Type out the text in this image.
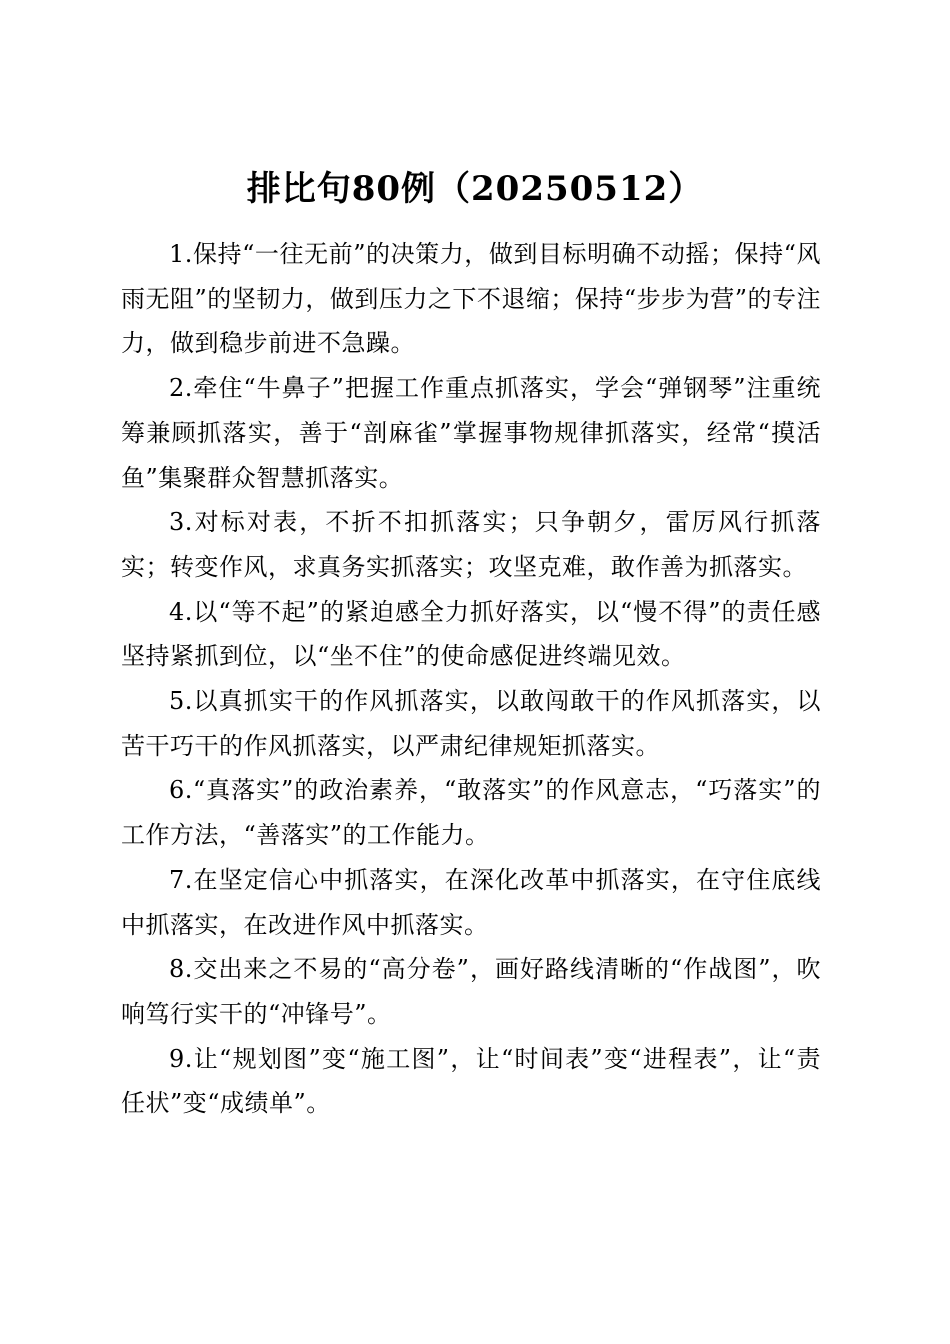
排比句80例（20250512）

1.保持“一往无前”的决策力，做到目标明确不动摇；保持“风雨无阻”的坚韧力，做到压力之下不退缩；保持“步步为营”的专注力，做到稳步前进不急躁。

2.牵住“牛鼻子”把握工作重点抓落实，学会“弹钢琴”注重统筹兼顾抓落实，善于“剖麻雀”掌握事物规律抓落实，经常“摸活鱼”集聚群众智慧抓落实。

3.对标对表，不折不扣抓落实；只争朝夕，雷厉风行抓落实；转变作风，求真务实抓落实；攻坚克难，敢作善为抓落实。

4.以“等不起”的紧迫感全力抓好落实，以“慢不得”的责任感坚持紧抓到位，以“坐不住”的使命感促进终端见效。

5.以真抓实干的作风抓落实，以敢闯敢干的作风抓落实，以苦干巧干的作风抓落实，以严肃纪律规矩抓落实。

6.“真落实”的政治素养，“敢落实”的作风意志，“巧落实”的工作方法，“善落实”的工作能力。

7.在坚定信心中抓落实，在深化改革中抓落实，在守住底线中抓落实，在改进作风中抓落实。

8.交出来之不易的“高分卷”，画好路线清晰的“作战图”，吹响笃行实干的“冲锋号”。

9.让“规划图”变“施工图”，让“时间表”变“进程表”，让“责任状”变“成绩单”。
